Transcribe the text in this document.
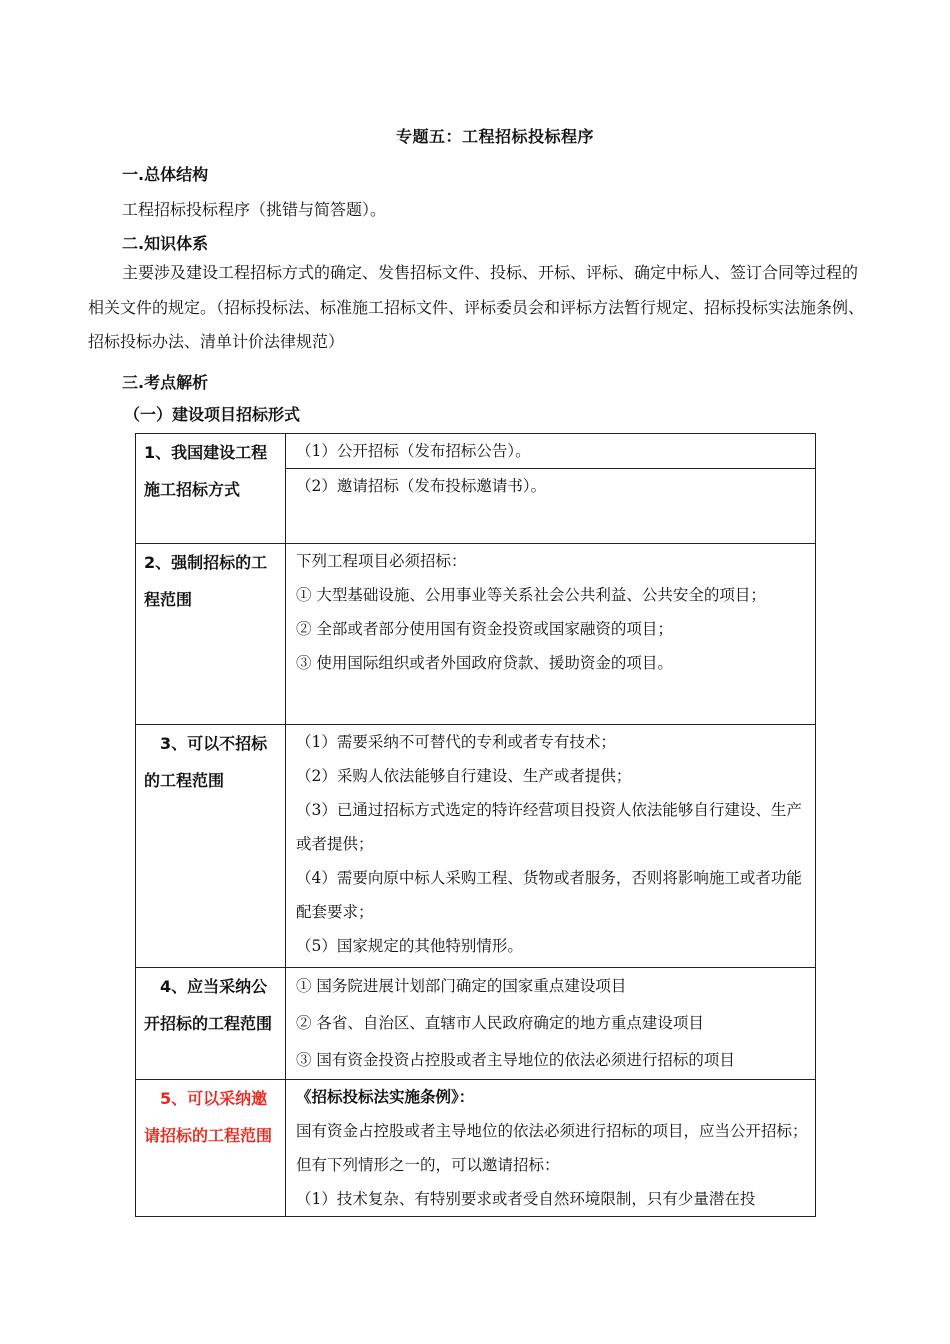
专题五：工程招标投标程序
一.总体结构
工程招标投标程序（挑错与简答题）。
二.知识体系

主要涉及建设工程招标方式的确定、发售招标文件、投标、开标、评标、确定中标人、签订合同等过程的相关文件的规定。（招标投标法、标准施工招标文件、评标委员会和评标方法暂行规定、招标投标实法施条例、招标投标办法、清单计价法律规范）

三.考点解析
（一）建设项目招标形式
1、我国建设工程施工招标方式	（1）公开招标（发布招标公告）。
（2）邀请招标（发布投标邀请书）。

2、强制招标的工程范围	下列工程项目必须招标：
① 大型基础设施、公用事业等关系社会公共利益、公共安全的项目；
② 全部或者部分使用国有资金投资或国家融资的项目；
③ 使用国际组织或者外国政府贷款、援助资金的项目。

3、可以不招标的工程范围	（1）需要采纳不可替代的专利或者专有技术；
（2）采购人依法能够自行建设、生产或者提供；
（3）已通过招标方式选定的特许经营项目投资人依法能够自行建设、生产或者提供；
（4）需要向原中标人采购工程、货物或者服务，否则将影响施工或者功能配套要求；
（5）国家规定的其他特别情形。

4、应当采纳公开招标的工程范围	① 国务院进展计划部门确定的国家重点建设项目
② 各省、自治区、直辖市人民政府确定的地方重点建设项目
③ 国有资金投资占控股或者主导地位的依法必须进行招标的项目

5、可以采纳邀请招标的工程范围	《招标投标法实施条例》：
国有资金占控股或者主导地位的依法必须进行招标的项目，应当公开招标；但有下列情形之一的，可以邀请招标：
（1）技术复杂、有特别要求或者受自然环境限制，只有少量潜在投
